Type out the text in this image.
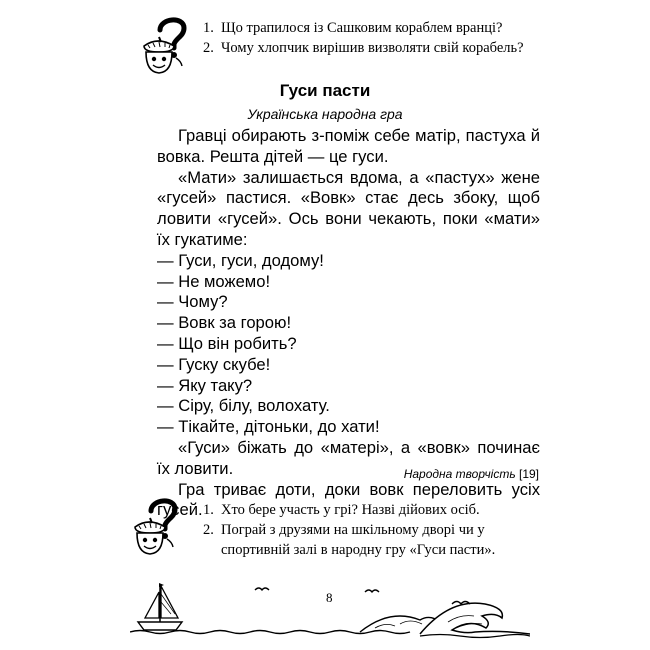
1. Що трапилося із Сашковим кораблем вранці?
2. Чому хлопчик вирішив визволяти свій корабель?
Гуси пасти
Українська народна гра

Гравці обирають з-поміж себе матір, пастуха й вовка. Решта дітей — це гуси.

«Мати» залишається вдома, а «пастух» жене «гусей» пастися. «Вовк» стає десь збоку, щоб ловити «гусей». Ось вони чекають, поки «мати» їх гукатиме:

— Гуси, гуси, додому!

— Не можемо!

— Чому?

— Вовк за горою!

— Що він робить?

— Гуску скубе!

— Яку таку?

— Сіру, білу, волохату.

— Тікайте, дітоньки, до хати!

«Гуси» біжать до «матері», а «вовк» починає їх ловити.

Гра триває доти, доки вовк переловить усіх гусей.

Народна творчість [19]
1. Хто бере участь у грі? Назві дійових осіб.
2. Пограй з друзями на шкільному дворі чи у спортивній залі в народну гру «Гуси пасти».
8
